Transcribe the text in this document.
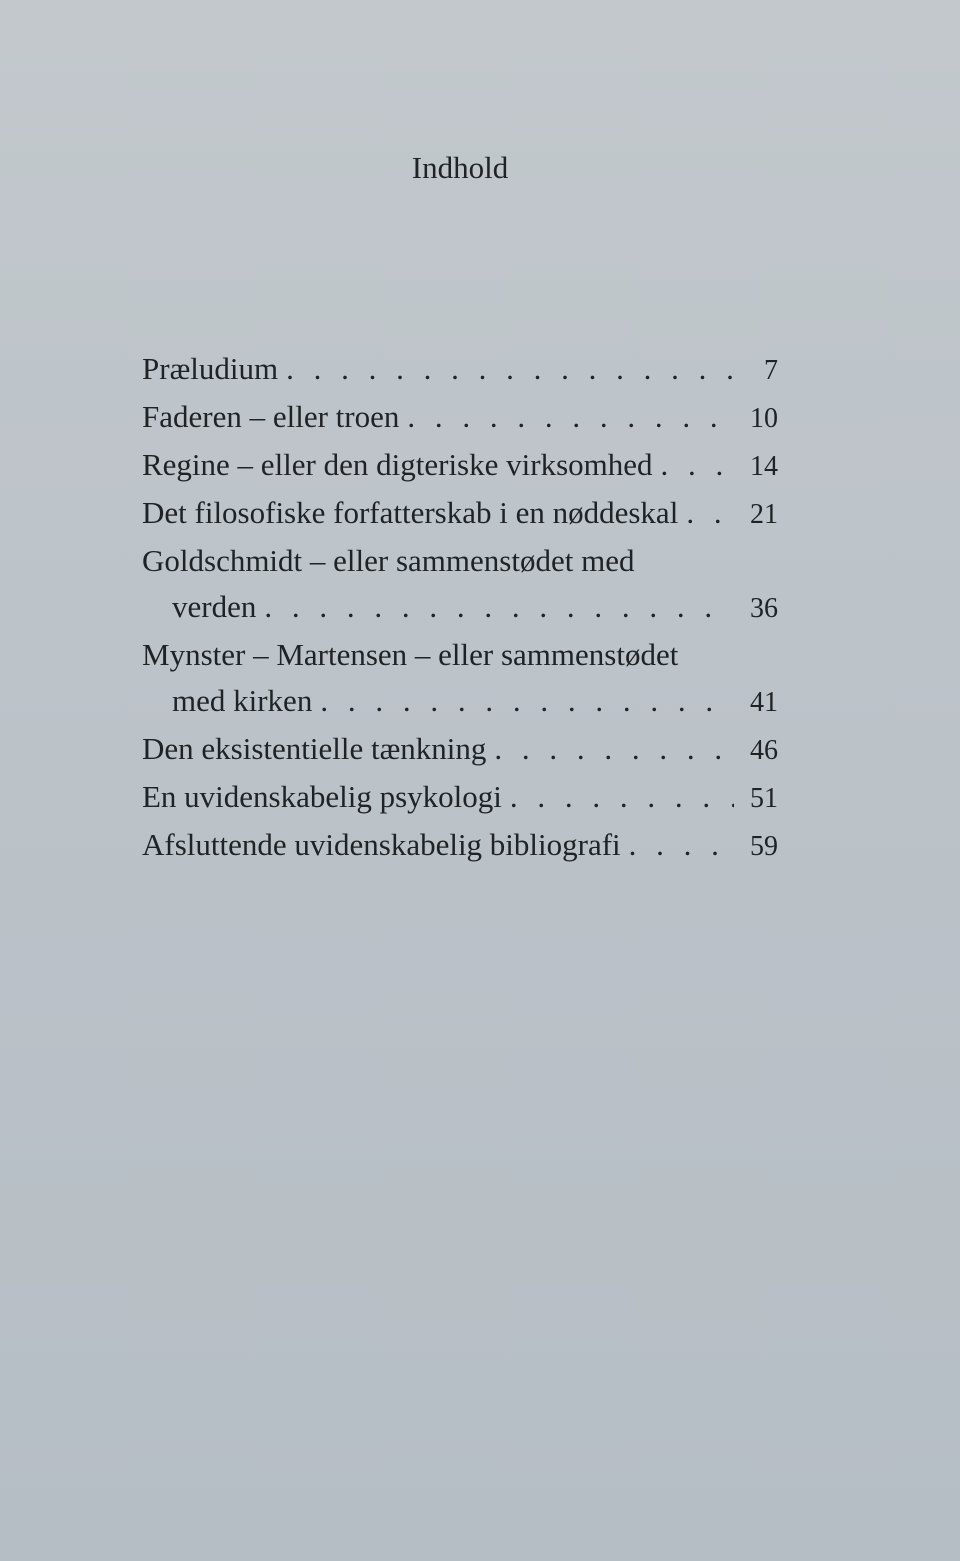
Indhold
Præludium . . .	7
Faderen – eller troen . . .	10
Regine – eller den digteriske virksomhed . . .	14
Det filosofiske forfatterskab i en nøddeskal . . .	21
Goldschmidt – eller sammenstødet med
verden . . .	36
Mynster – Martensen – eller sammenstødet
med kirken . . .	41
Den eksistentielle tænkning . . .	46
En uvidenskabelig psykologi . . .	51
Afsluttende uvidenskabelig bibliografi . . .	59
